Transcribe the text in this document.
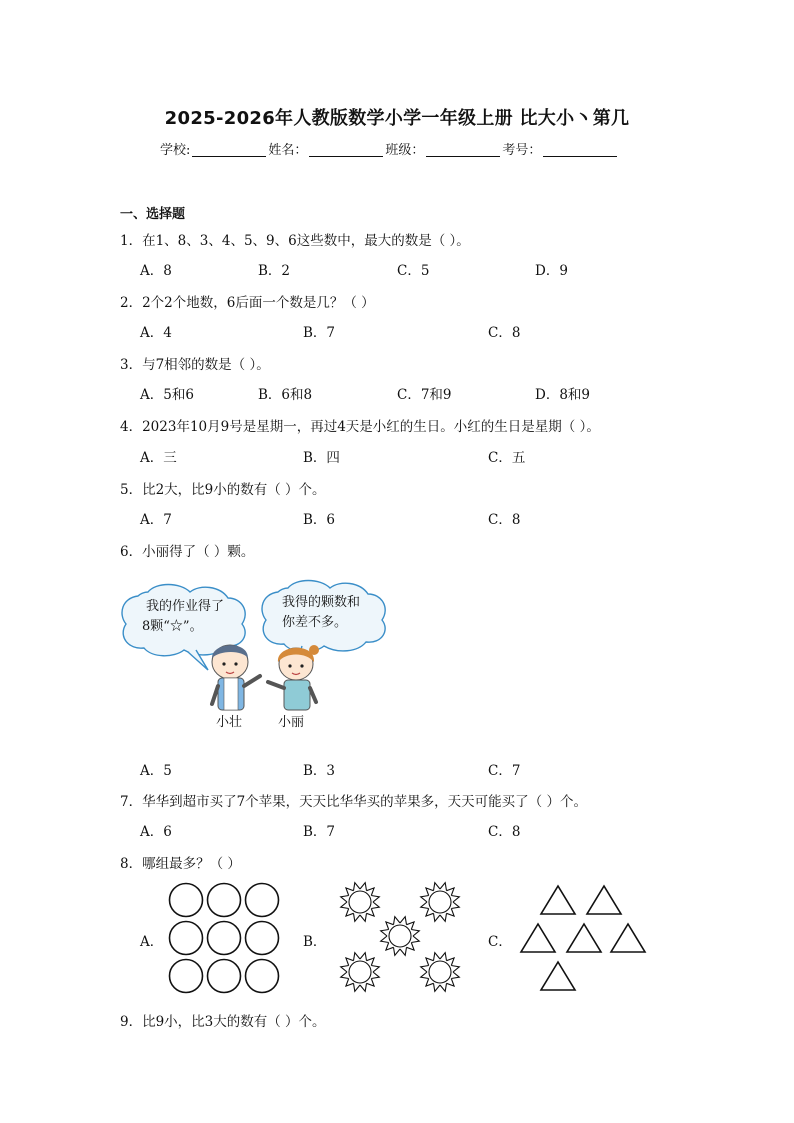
2025-2026年人教版数学小学一年级上册 比大小丶第几
学校:	姓名：	班级：	考号：
一、选择题
1．在1、8、3、4、5、9、6这些数中，最大的数是（ ）。
A．8	B．2	C．5	D．9
2．2个2个地数，6后面一个数是几？（ ）
A．4	B．7	C．8
3．与7相邻的数是（ ）。
A．5和6	B．6和8	C．7和9	D．8和9
4．2023年10月9号是星期一，再过4天是小红的生日。小红的生日是星期（ ）。
A．三	B．四	C．五
5．比2大，比9小的数有（ ）个。
A．7	B．6	C．8
6．小丽得了（ ）颗。
我的作业得了
8颗“☆”。
我得的颗数和
你差不多。
小壮	小丽
A．5	B．3	C．7
7．华华到超市买了7个苹果，天天比华华买的苹果多，天天可能买了（ ）个。
A．6	B．7	C．8
8．哪组最多？（ ）
A．	B．	C．
9．比9小，比3大的数有（ ）个。
